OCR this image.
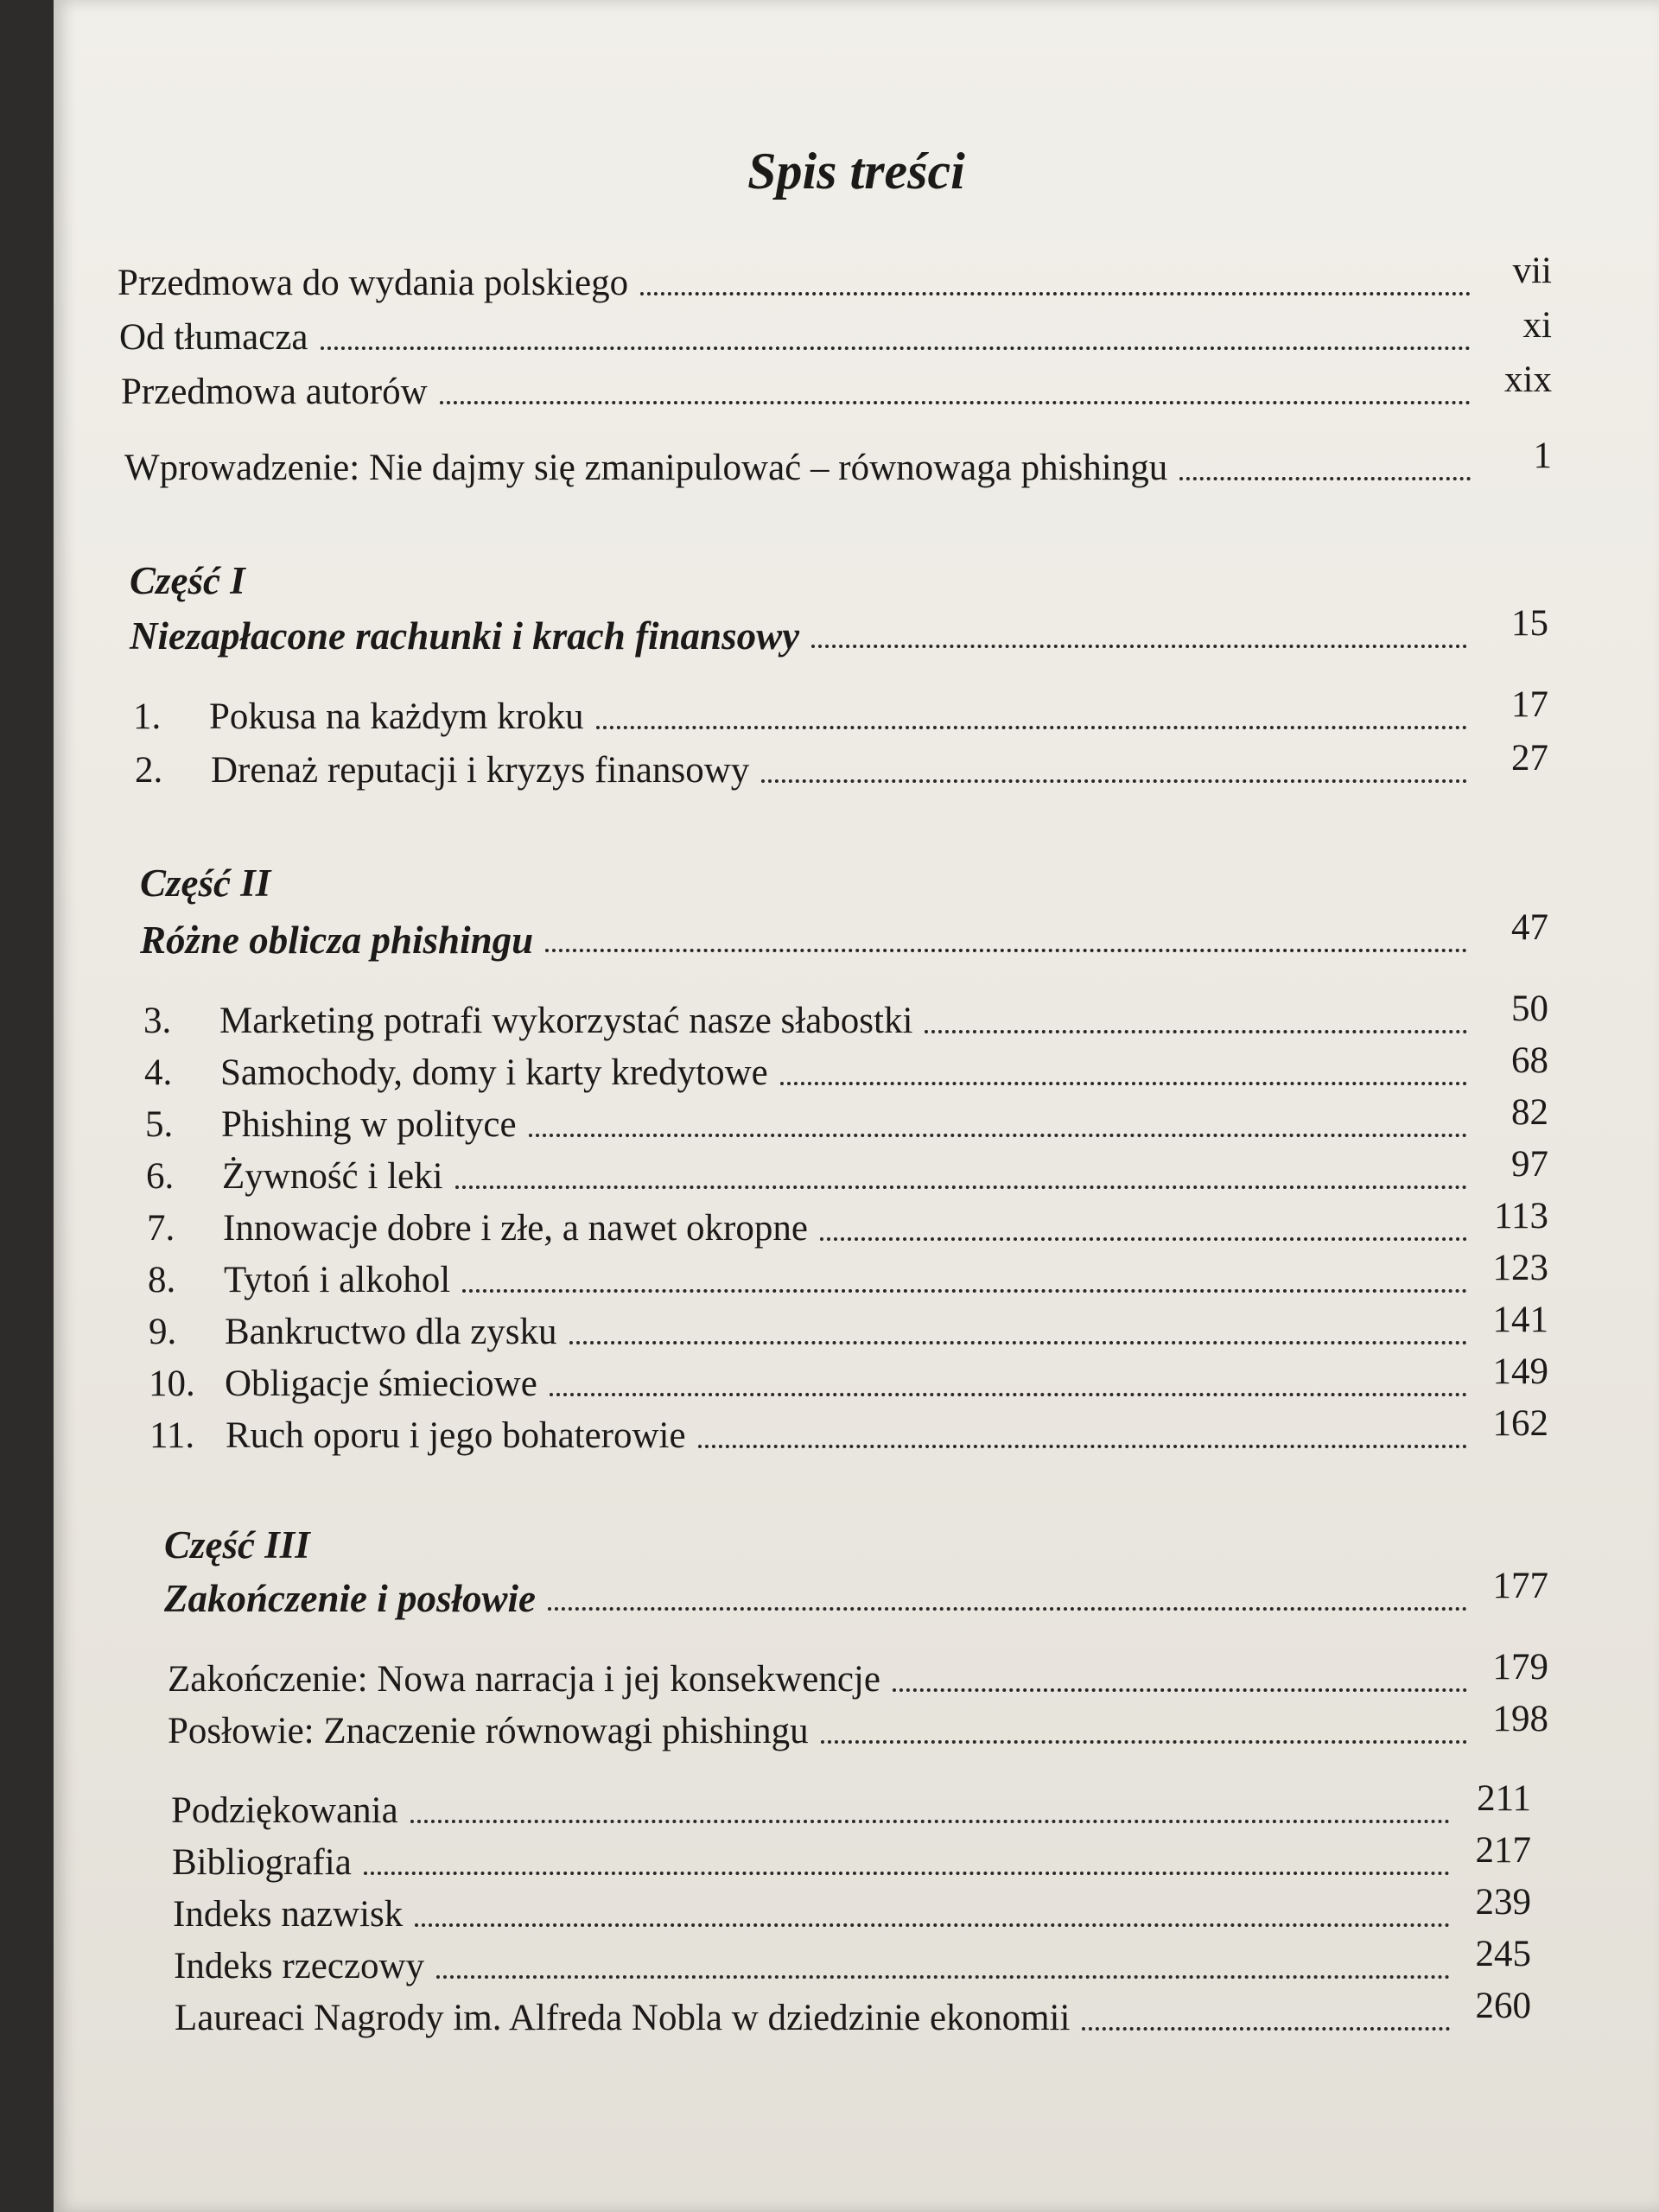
Spis treści
Przedmowa do wydania polskiego	vii
Od tłumacza	xi
Przedmowa autorów	xix
Wprowadzenie: Nie dajmy się zmanipulować – równowaga phishingu	1
Część I
Niezapłacone rachunki i krach finansowy	15
1.	Pokusa na każdym kroku	17
2.	Drenaż reputacji i kryzys finansowy	27
Część II
Różne oblicza phishingu	47
3.	Marketing potrafi wykorzystać nasze słabostki	50
4.	Samochody, domy i karty kredytowe	68
5.	Phishing w polityce	82
6.	Żywność i leki	97
7.	Innowacje dobre i złe, a nawet okropne	113
8.	Tytoń i alkohol	123
9.	Bankructwo dla zysku	141
10. Obligacje śmieciowe	149
11. Ruch oporu i jego bohaterowie	162
Część III
Zakończenie i posłowie	177
Zakończenie: Nowa narracja i jej konsekwencje	179
Posłowie: Znaczenie równowagi phishingu	198
Podziękowania	211
Bibliografia	217
Indeks nazwisk	239
Indeks rzeczowy	245
Laureaci Nagrody im. Alfreda Nobla w dziedzinie ekonomii	260
